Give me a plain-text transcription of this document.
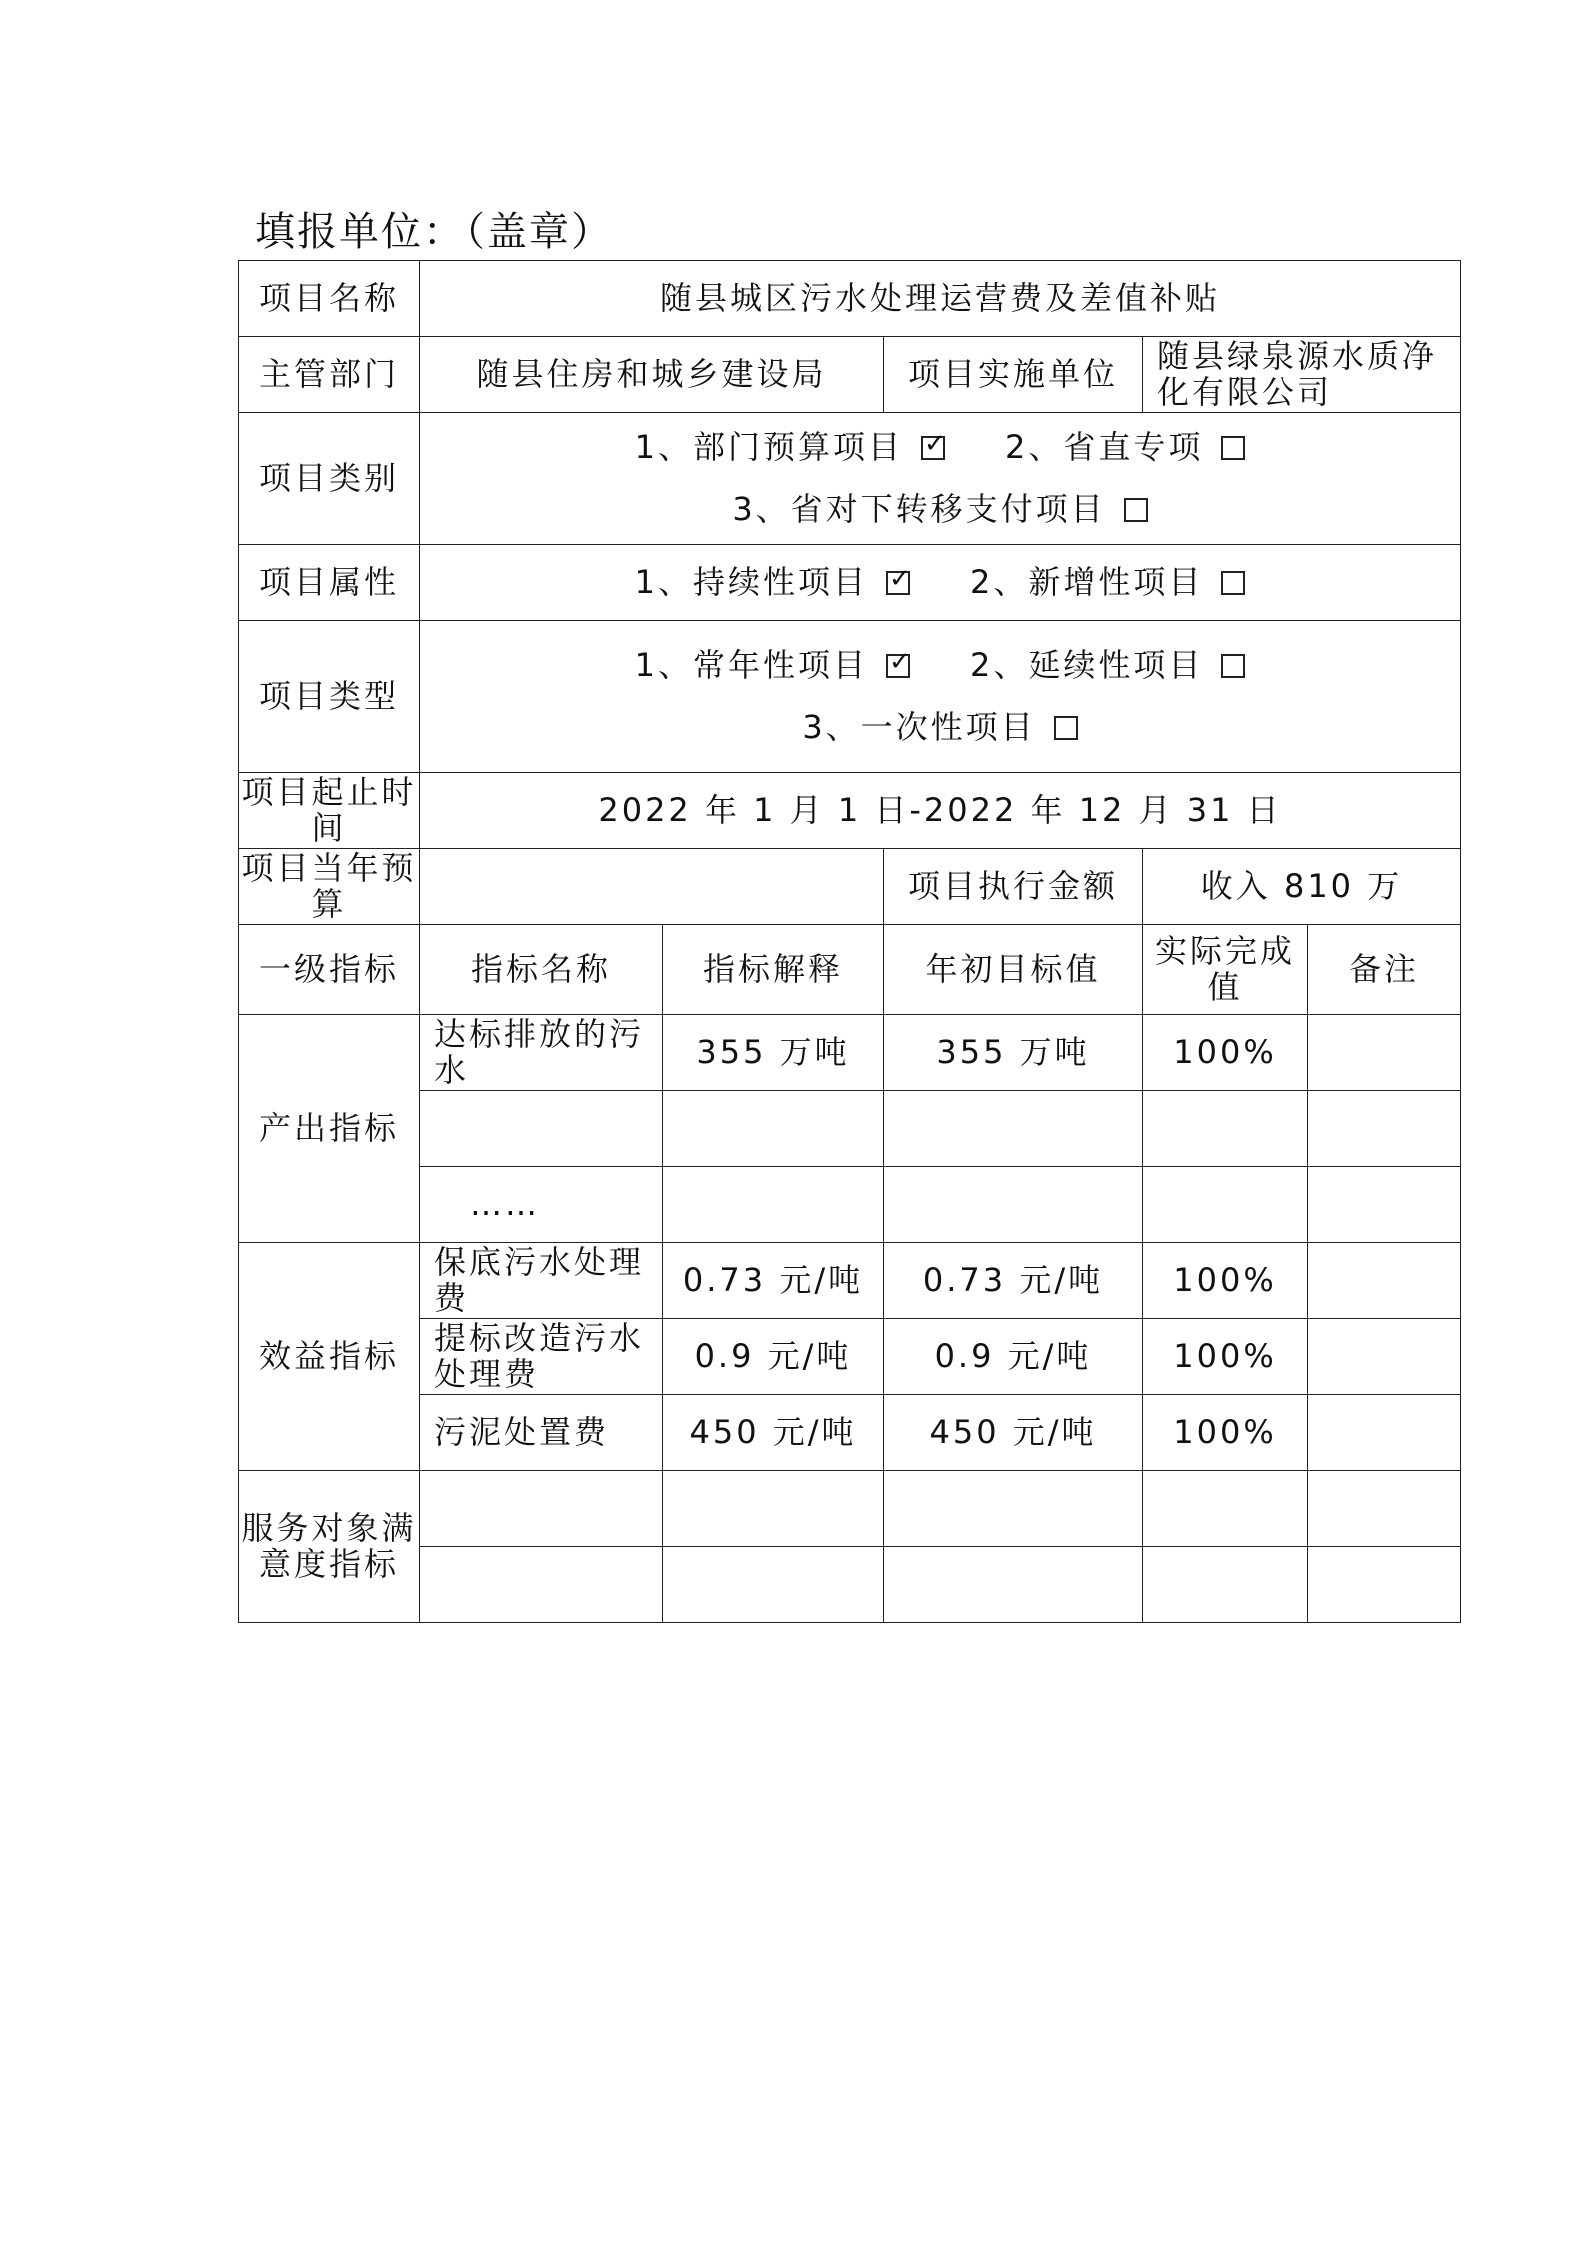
填报单位：（盖章）
项目名称	随县城区污水处理运营费及差值补贴				
主管部门	随县住房和城乡建设局		项目实施单位	随县绿泉源水质净化有限公司	
项目类别	1、部门预算项目 ✓ 2、省直专项
3、省对下转移支付项目

项目属性	1、持续性项目 ✓ 2、新增性项目

项目类型	1、常年性项目 ✓ 2、延续性项目
3、一次性项目

项目起止时间	2022 年 1 月 1 日-2022 年 12 月 31 日				
项目当年预算			项目执行金额	收入 810 万	
一级指标	指标名称	指标解释	年初目标值	实际完成值	备注
产出指标	达标排放的污水	355 万吨	355 万吨	100%	

	……				
效益指标	保底污水处理费	0.73 元/吨	0.73 元/吨	100%	
	提标改造污水处理费	0.9 元/吨	0.9 元/吨	100%	
	污泥处置费	450 元/吨	450 元/吨	100%	
服务对象满意度指标					
